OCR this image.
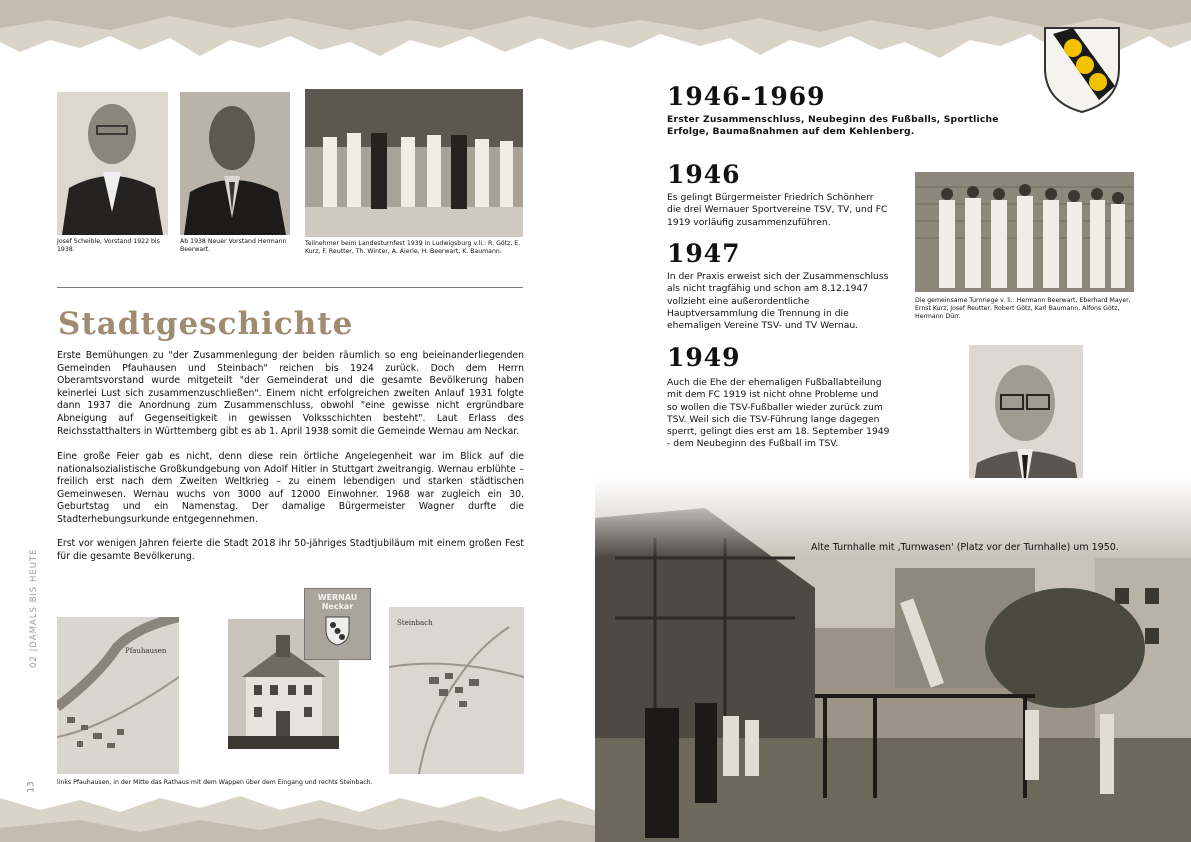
Josef Scheible, Vorstand 1922 bis 1938.
Ab 1938 Neuer Vorstand Hermann Beerwart.
Teilnehmer beim Landesturnfest 1939 in Ludwigsburg v.li.: R. Götz, E. Kurz, F. Reutter, Th. Winter, A. Aierle, H. Beerwart, K. Baumann.
Stadtgeschichte
Erste Bemühungen zu "der Zusammenlegung der beiden räumlich so eng beieinanderliegenden Gemeinden Pfauhausen und Steinbach" reichen bis 1924 zurück. Doch dem Herrn Oberamtsvorstand wurde mitgeteilt "der Gemeinderat und die gesamte Bevölkerung haben keinerlei Lust sich zusammenzuschließen". Einem nicht erfolgreichen zweiten Anlauf 1931 folgte dann 1937 die Anordnung zum Zusammenschluss, obwohl "eine gewisse nicht ergründbare Abneigung auf Gegenseitigkeit in gewissen Volksschichten besteht". Laut Erlass des Reichsstatthalters in Württemberg gibt es ab 1. April 1938 somit die Gemeinde Wernau am Neckar.
Eine große Feier gab es nicht, denn diese rein örtliche Angelegenheit war im Blick auf die nationalsozialistische Großkundgebung von Adolf Hitler in Stuttgart zweitrangig. Wernau erblühte – freilich erst nach dem Zweiten Weltkrieg – zu einem lebendigen und starken städtischen Gemeinwesen. Wernau wuchs von 3000 auf 12000 Einwohner. 1968 war zugleich ein 30. Geburtstag und ein Namenstag. Der damalige Bürgermeister Wagner durfte die Stadterhebungsurkunde entgegennehmen.
Erst vor wenigen Jahren feierte die Stadt 2018 ihr 50-jähriges Stadtjubiläum mit einem großen Fest für die gesamte Bevölkerung.
02 |DAMALS BIS HEUTE
13
Pfauhausen
WERNAU Neckar
Steinbach
links Pfauhausen, in der Mitte das Rathaus mit dem Wappen über dem Eingang und rechts Steinbach.
1946-1969
Erster Zusammenschluss, Neubeginn des Fußballs, Sportliche Erfolge, Baumaßnahmen auf dem Kehlenberg.
1946
Es gelingt Bürgermeister Friedrich Schönherr die drei Wernauer Sportvereine TSV, TV, und FC 1919 vorläufig zusammenzuführen.
1947
In der Praxis erweist sich der Zusammenschluss als nicht tragfähig und schon am 8.12.1947 vollzieht eine außerordentliche Hauptversammlung die Trennung in die ehemaligen Vereine TSV- und TV Wernau.
1949
Auch die Ehe der ehemaligen Fußballabteilung mit dem FC 1919 ist nicht ohne Probleme und so wollen die TSV-Fußballer wieder zurück zum TSV. Weil sich die TSV-Führung lange dagegen sperrt, gelingt dies erst am 18. September 1949 - dem Neubeginn des Fußball im TSV.
Die gemeinsame Turnriege v. li.: Hermann Beerwart, Eberhard Mayer, Ernst Kurz, Josef Reutter, Robert Götz, Karl Baumann, Alfons Götz, Hermann Dürr.
Alte Turnhalle mit ‚Turnwasen' (Platz vor der Turnhalle) um 1950.
